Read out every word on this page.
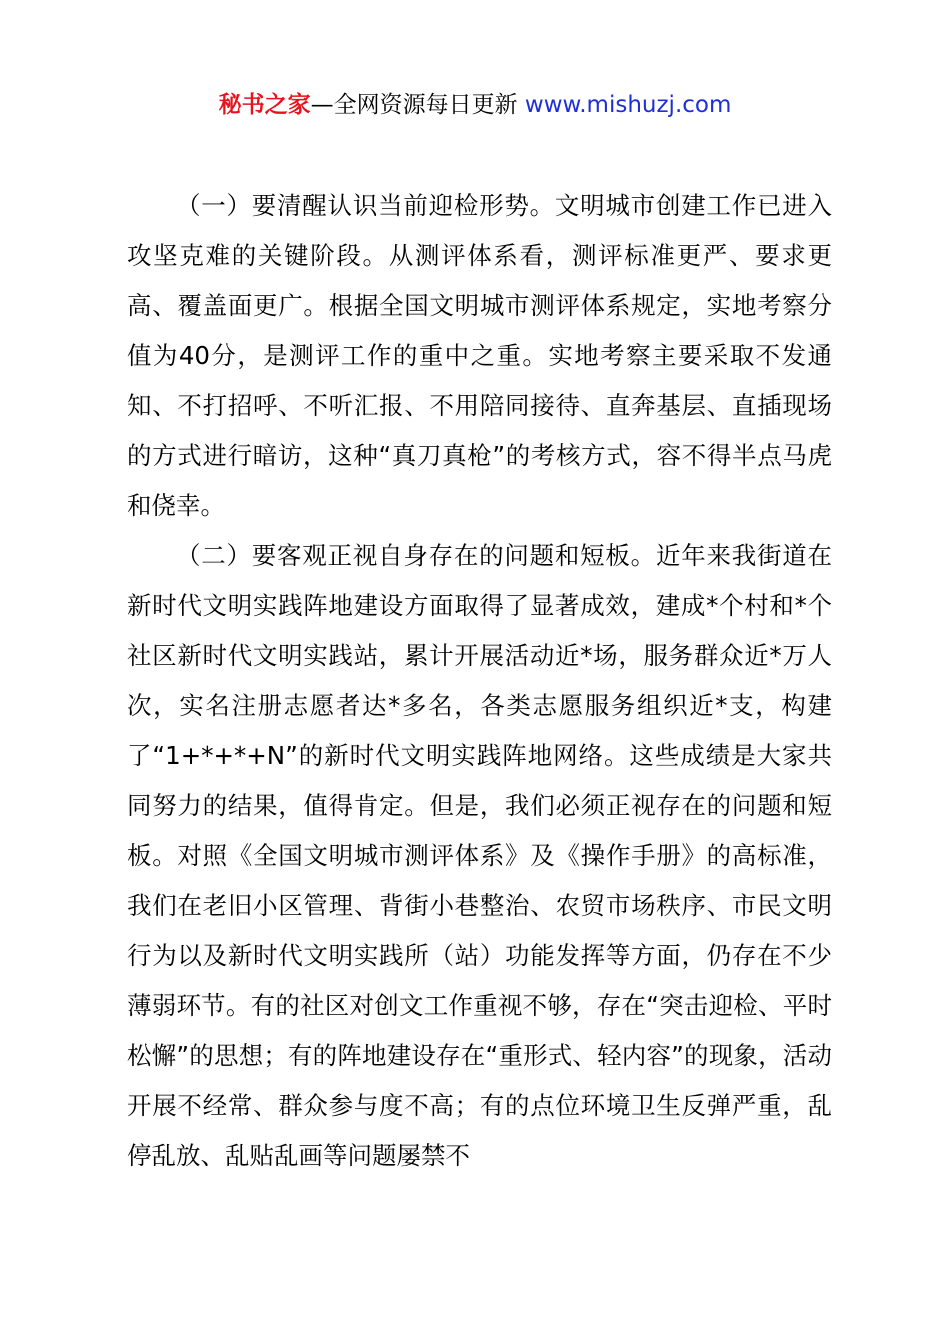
秘书之家—全网资源每日更新 www.mishuzj.com

（一）要清醒认识当前迎检形势。文明城市创建工作已进入攻坚克难的关键阶段。从测评体系看，测评标准更严、要求更高、覆盖面更广。根据全国文明城市测评体系规定，实地考察分值为40分，是测评工作的重中之重。实地考察主要采取不发通知、不打招呼、不听汇报、不用陪同接待、直奔基层、直插现场的方式进行暗访，这种“真刀真枪”的考核方式，容不得半点马虎和侥幸。

（二）要客观正视自身存在的问题和短板。近年来我街道在新时代文明实践阵地建设方面取得了显著成效，建成*个村和*个社区新时代文明实践站，累计开展活动近*场，服务群众近*万人次，实名注册志愿者达*多名，各类志愿服务组织近*支，构建了“1+*+*+N”的新时代文明实践阵地网络。这些成绩是大家共同努力的结果，值得肯定。但是，我们必须正视存在的问题和短板。对照《全国文明城市测评体系》及《操作手册》的高标准，我们在老旧小区管理、背街小巷整治、农贸市场秩序、市民文明行为以及新时代文明实践所（站）功能发挥等方面，仍存在不少薄弱环节。有的社区对创文工作重视不够，存在“突击迎检、平时松懈”的思想；有的阵地建设存在“重形式、轻内容”的现象，活动开展不经常、群众参与度不高；有的点位环境卫生反弹严重，乱停乱放、乱贴乱画等问题屡禁不
